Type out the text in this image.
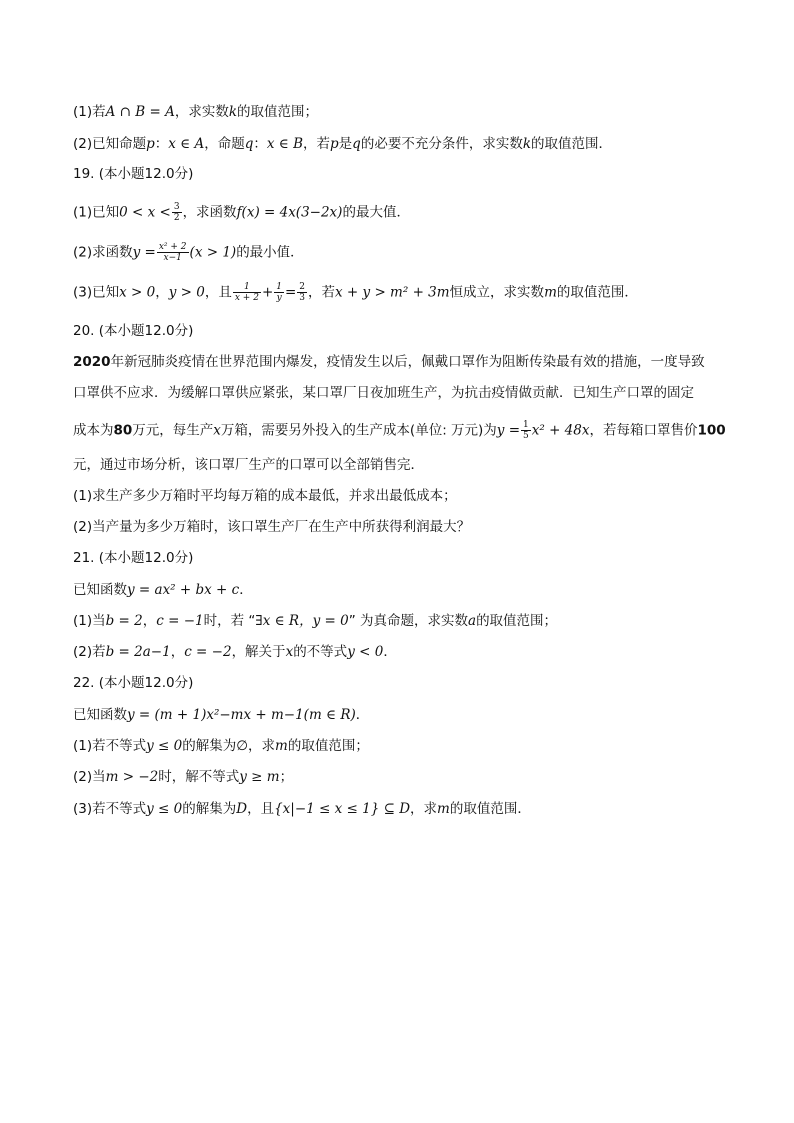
(1)若A ∩ B = A，求实数k的取值范围；

(2)已知命题p：x ∈ A，命题q：x ∈ B，若p是q的必要不充分条件，求实数k的取值范围．

19. (本小题12.0分)

(1)已知$0 < x < \frac{3}{2}$ ，求函数f(x) = 4x(3−2x)的最大值．

(2)求函数$y = \frac{\text{x² + 2}}{x-1} (x > 1)$的最小值．

(3)已知x > 0，y > 0，且 $\frac{1}{x + 2} + \frac{1}{y} = \frac{2}{3}$ ，若x + y > m² + 3m恒成立，求实数m的取值范围．

20. (本小题12.0分)

2020年新冠肺炎疫情在世界范围内爆发，疫情发生以后，佩戴口罩作为阻断传染最有效的措施，一度导致

口罩供不应求．为缓解口罩供应紧张，某口罩厂日夜加班生产，为抗击疫情做贡献．已知生产口罩的固定

成本为80万元，每生产x万箱，需要另外投入的生产成本(单位: 万元)为$y = \frac{1}{5} x^2 + 48x$，若每箱口罩售价100

元，通过市场分析，该口罩厂生产的口罩可以全部销售完．

(1)求生产多少万箱时平均每万箱的成本最低，并求出最低成本；

(2)当产量为多少万箱时，该口罩生产厂在生产中所获得利润最大？

21. (本小题12.0分)

已知函数y = ax² + bx + c．

(1)当b = 2，c = −1时，若 “∃x ∈ R，y = 0” 为真命题，求实数a的取值范围；

(2)若b = 2a−1，c = −2，解关于x的不等式y < 0．

22. (本小题12.0分)

已知函数y = (m + 1)x²−mx + m−1(m ∈ R)．

(1)若不等式y ≤ 0的解集为∅，求m的取值范围；

(2)当m > −2时，解不等式y ≥ m；

(3)若不等式y ≤ 0的解集为D，且{x|−1 ≤ x ≤ 1} ⊆ D，求m的取值范围．
